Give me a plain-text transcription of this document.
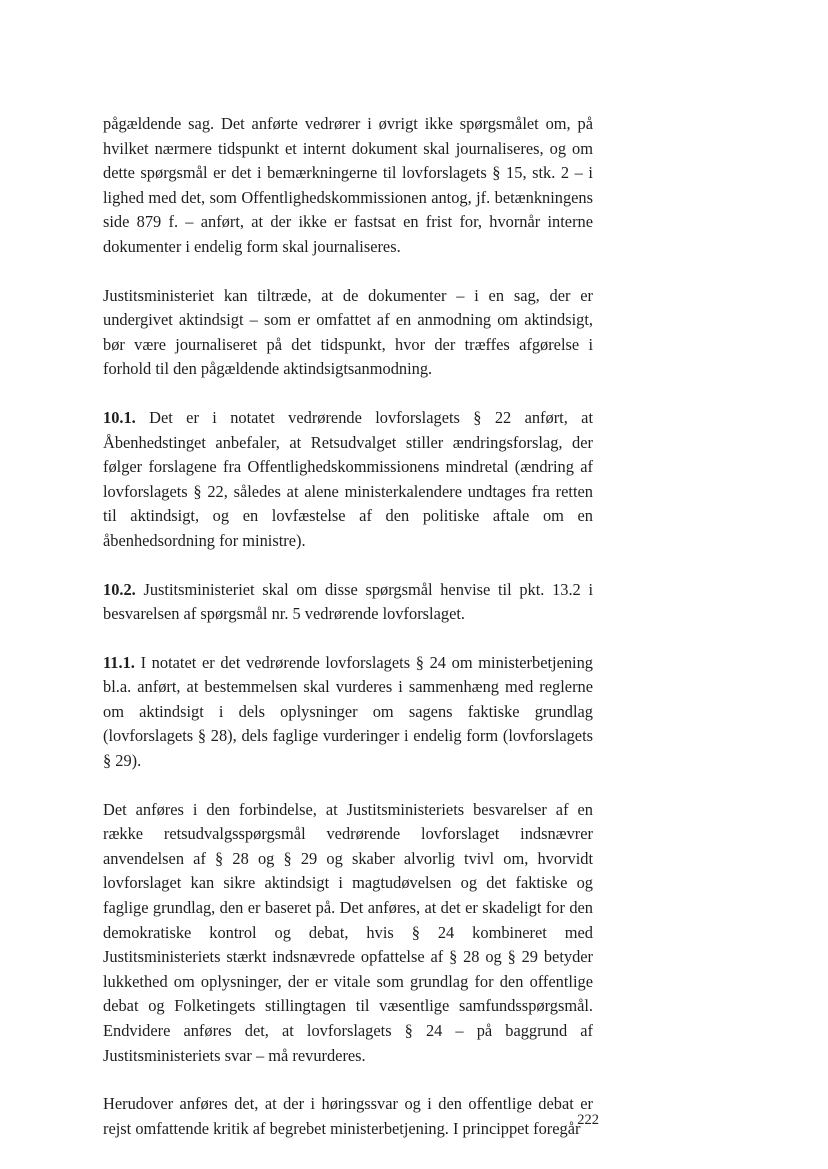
pågældende sag. Det anførte vedrører i øvrigt ikke spørgsmålet om, på hvilket nærmere tidspunkt et internt dokument skal journaliseres, og om dette spørgsmål er det i bemærkningerne til lovforslagets § 15, stk. 2 – i lighed med det, som Offentlighedskommissionen antog, jf. betænkningens side 879 f. – anført, at der ikke er fastsat en frist for, hvornår interne dokumenter i endelig form skal journaliseres.

Justitsministeriet kan tiltræde, at de dokumenter – i en sag, der er undergivet aktindsigt – som er omfattet af en anmodning om aktindsigt, bør være journaliseret på det tidspunkt, hvor der træffes afgørelse i forhold til den pågældende aktindsigtsanmodning.

10.1. Det er i notatet vedrørende lovforslagets § 22 anført, at Åbenhedstinget anbefaler, at Retsudvalget stiller ændringsforslag, der følger forslagene fra Offentlighedskommissionens mindretal (ændring af lovforslagets § 22, således at alene ministerkalendere undtages fra retten til aktindsigt, og en lovfæstelse af den politiske aftale om en åbenhedsordning for ministre).

10.2. Justitsministeriet skal om disse spørgsmål henvise til pkt. 13.2 i besvarelsen af spørgsmål nr. 5 vedrørende lovforslaget.

11.1. I notatet er det vedrørende lovforslagets § 24 om ministerbetjening bl.a. anført, at bestemmelsen skal vurderes i sammenhæng med reglerne om aktindsigt i dels oplysninger om sagens faktiske grundlag (lovforslagets § 28), dels faglige vurderinger i endelig form (lovforslagets § 29).

Det anføres i den forbindelse, at Justitsministeriets besvarelser af en række retsudvalgsspørgsmål vedrørende lovforslaget indsnævrer anvendelsen af § 28 og § 29 og skaber alvorlig tvivl om, hvorvidt lovforslaget kan sikre aktindsigt i magtudøvelsen og det faktiske og faglige grundlag, den er baseret på. Det anføres, at det er skadeligt for den demokratiske kontrol og debat, hvis § 24 kombineret med Justitsministeriets stærkt indsnævrede opfattelse af § 28 og § 29 betyder lukkethed om oplysninger, der er vitale som grundlag for den offentlige debat og Folketingets stillingtagen til væsentlige samfundsspørgsmål. Endvidere anføres det, at lovforslagets § 24 – på baggrund af Justitsministeriets svar – må revurderes.

Herudover anføres det, at der i høringssvar og i den offentlige debat er rejst omfattende kritik af begrebet ministerbetjening. I princippet foregår

222
